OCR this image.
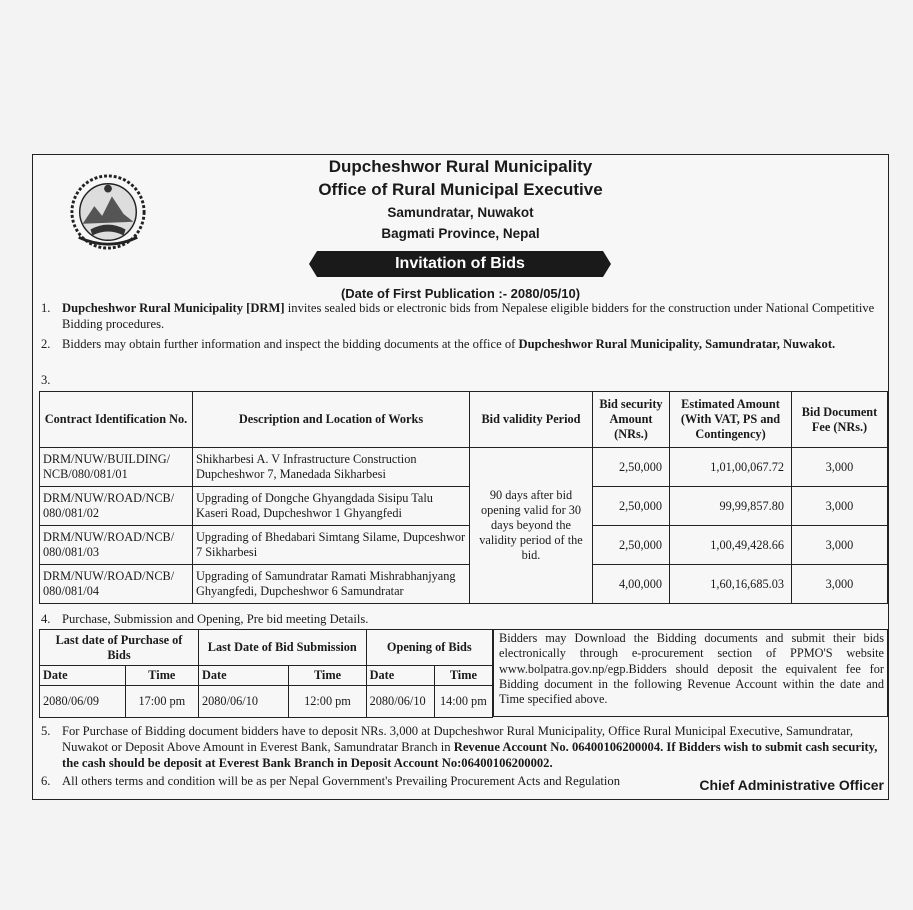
Dupcheshwor Rural Municipality
Office of Rural Municipal Executive
Samundratar, Nuwakot
Bagmati Province, Nepal
Invitation of Bids
(Date of First Publication :- 2080/05/10)
1. Dupcheshwor Rural Municipality [DRM] invites sealed bids or electronic bids from Nepalese eligible bidders for the construction under National Competitive Bidding procedures.
2. Bidders may obtain further information and inspect the bidding documents at the office of Dupcheshwor Rural Municipality, Samundratar, Nuwakot.
3.
Contract Identification No.	Description and Location of Works	Bid validity Period	Bid security Amount (NRs.)	Estimated Amount (With VAT, PS and Contingency)	Bid Document Fee (NRs.)
DRM/NUW/BUILDING/ NCB/080/081/01	Shikharbesi A. V Infrastructure Construction Dupcheshwor 7, Manedada Sikharbesi	90 days after bid opening valid for 30 days beyond the validity period of the bid.	2,50,000	1,01,00,067.72	3,000
DRM/NUW/ROAD/NCB/ 080/081/02	Upgrading of Dongche Ghyangdada Sisipu Talu Kaseri Road, Dupcheshwor 1 Ghyangfedi		2,50,000	99,99,857.80	3,000
DRM/NUW/ROAD/NCB/ 080/081/03	Upgrading of Bhedabari Simtang Silame, Dupceshwor 7 Sikharbesi		2,50,000	1,00,49,428.66	3,000
DRM/NUW/ROAD/NCB/ 080/081/04	Upgrading of Samundratar Ramati Mishrabhanjyang Ghyangfedi, Dupcheshwor 6 Samundratar		4,00,000	1,60,16,685.03	3,000
4. Purchase, Submission and Opening, Pre bid meeting Details.
Last date of Purchase of Bids		Last Date of Bid Submission		Opening of Bids	
Date	Time	Date	Time	Date	Time
2080/06/09	17:00 pm	2080/06/10	12:00 pm	2080/06/10	14:00 pm
Bidders may Download the Bidding documents and submit their bids electronically through e-procurement section of PPMO'S website www.bolpatra.gov.np/egp.Bidders should deposit the equivalent fee for Bidding document in the following Revenue Account within the date and Time specified above.
5. For Purchase of Bidding document bidders have to deposit NRs. 3,000 at Dupcheshwor Rural Municipality, Office Rural Municipal Executive, Samundratar, Nuwakot or Deposit Above Amount in Everest Bank, Samundratar Branch in Revenue Account No. 06400106200004. If Bidders wish to submit cash security, the cash should be deposit at Everest Bank Branch in Deposit Account No:06400106200002.
6. All others terms and condition will be as per Nepal Government's Prevailing Procurement Acts and Regulation	Chief Administrative Officer
